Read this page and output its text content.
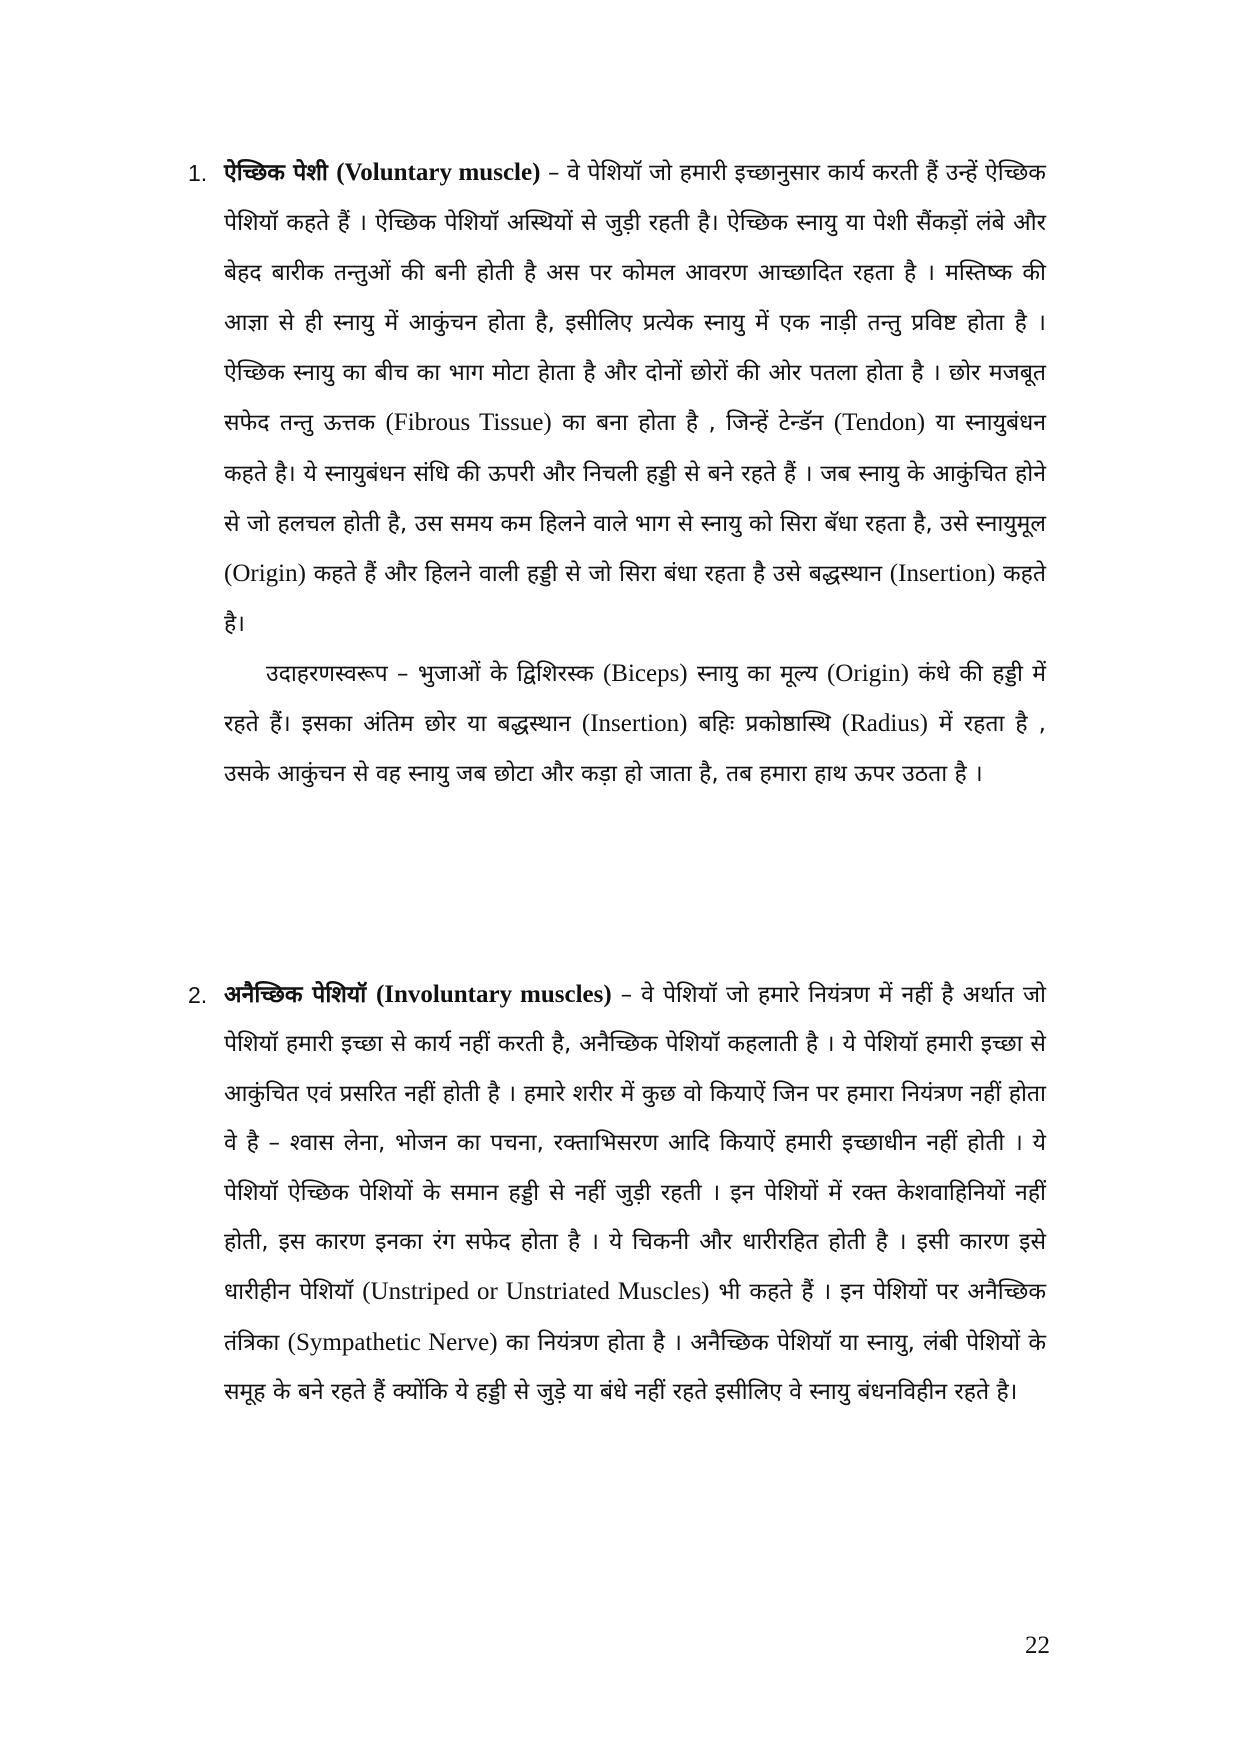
1. ऐच्छिक पेशी (Voluntary muscle) – वे पेशियॉ जो हमारी इच्छानुसार कार्य करती हैं उन्हें ऐच्छिक पेशियॉ कहते हैं । ऐच्छिक पेशियॉ अस्थियों से जुड़ी रहती है। ऐच्छिक स्नायु या पेशी सैंकड़ों लंबे और बेहद बारीक तन्तुओं की बनी होती है अस पर कोमल आवरण आच्छादित रहता है । मस्तिष्क की आज्ञा से ही स्नायु में आकुंचन होता है, इसीलिए प्रत्येक स्नायु में एक नाड़ी तन्तु प्रविष्ट होता है । ऐच्छिक स्नायु का बीच का भाग मोटा हेाता है और दोनों छोरों की ओर पतला होता है । छोर मजबूत सफेद तन्तु ऊत्तक (Fibrous Tissue) का बना होता है , जिन्हें टेन्डॅन (Tendon) या स्नायुबंधन कहते है। ये स्नायुबंधन संधि की ऊपरी और निचली हड्डी से बने रहते हैं । जब स्नायु के आकुंचित होने से जो हलचल होती है, उस समय कम हिलने वाले भाग से स्नायु को सिरा बॅधा रहता है, उसे स्नायुमूल (Origin) कहते हैं और हिलने वाली हड्डी से जो सिरा बंधा रहता है उसे बद्धस्थान (Insertion) कहते है।
उदाहरणस्वरूप – भुजाओं के द्विशिरस्क (Biceps) स्नायु का मूल्य (Origin) कंधे की हड्डी में रहते हैं। इसका अंतिम छोर या बद्धस्थान (Insertion) बहिः प्रकोष्ठास्थि (Radius) में रहता है , उसके आकुंचन से वह स्नायु जब छोटा और कड़ा हो जाता है, तब हमारा हाथ ऊपर उठता है ।
2. अनैच्छिक पेशियॉ (Involuntary muscles) – वे पेशियॉ जो हमारे नियंत्रण में नहीं है अर्थात जो पेशियॉ हमारी इच्छा से कार्य नहीं करती है, अनैच्छिक पेशियॉ कहलाती है । ये पेशियॉ हमारी इच्छा से आकुंचित एवं प्रसरित नहीं होती है । हमारे शरीर में कुछ वो कियाऐं जिन पर हमारा नियंत्रण नहीं होता वे है – श्वास लेना, भोजन का पचना, रक्ताभिसरण आदि कियाऐं हमारी इच्छाधीन नहीं होती । ये पेशियॉ ऐच्छिक पेशियों के समान हड्डी से नहीं जुड़ी रहती । इन पेशियों में रक्त केशवाहिनियों नहीं होती, इस कारण इनका रंग सफेद होता है । ये चिकनी और धारीरहित होती है । इसी कारण इसे धारीहीन पेशियॉ (Unstriped or Unstriated Muscles) भी कहते हैं । इन पेशियों पर अनैच्छिक तंत्रिका (Sympathetic Nerve) का नियंत्रण होता है । अनैच्छिक पेशियॉ या स्नायु, लंबी पेशियों के समूह के बने रहते हैं क्योंकि ये हड्डी से जुड़े या बंधे नहीं रहते इसीलिए वे स्नायु बंधनविहीन रहते है।
22
